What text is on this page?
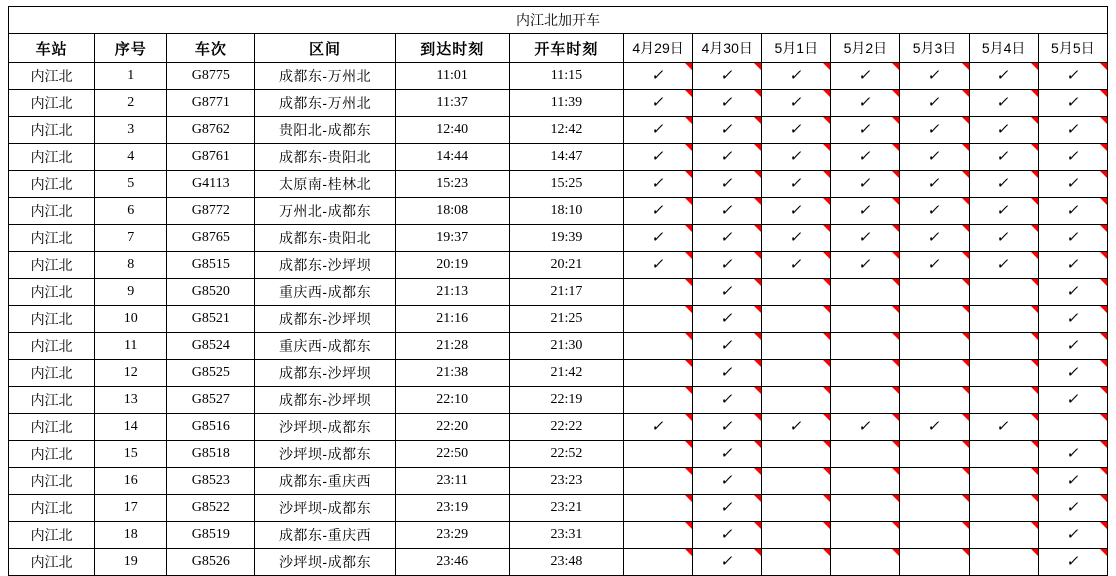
内江北加开车												
车站	序号	车次	区间	到达时刻	开车时刻	4月29日	4月30日	5月1日	5月2日	5月3日	5月4日	5月5日
内江北	1	G8775	成都东-万州北	11:01	11:15	✓	✓	✓	✓	✓	✓	✓
内江北	2	G8771	成都东-万州北	11:37	11:39	✓	✓	✓	✓	✓	✓	✓
内江北	3	G8762	贵阳北-成都东	12:40	12:42	✓	✓	✓	✓	✓	✓	✓
内江北	4	G8761	成都东-贵阳北	14:44	14:47	✓	✓	✓	✓	✓	✓	✓
内江北	5	G4113	太原南-桂林北	15:23	15:25	✓	✓	✓	✓	✓	✓	✓
内江北	6	G8772	万州北-成都东	18:08	18:10	✓	✓	✓	✓	✓	✓	✓
内江北	7	G8765	成都东-贵阳北	19:37	19:39	✓	✓	✓	✓	✓	✓	✓
内江北	8	G8515	成都东-沙坪坝	20:19	20:21	✓	✓	✓	✓	✓	✓	✓
内江北	9	G8520	重庆西-成都东	21:13	21:17		✓					✓
内江北	10	G8521	成都东-沙坪坝	21:16	21:25		✓					✓
内江北	11	G8524	重庆西-成都东	21:28	21:30		✓					✓
内江北	12	G8525	成都东-沙坪坝	21:38	21:42		✓					✓
内江北	13	G8527	成都东-沙坪坝	22:10	22:19		✓					✓
内江北	14	G8516	沙坪坝-成都东	22:20	22:22	✓	✓	✓	✓	✓	✓	

内江北	15	G8518	沙坪坝-成都东	22:50	22:52		✓					✓
内江北	16	G8523	成都东-重庆西	23:11	23:23		✓					✓
内江北	17	G8522	沙坪坝-成都东	23:19	23:21		✓					✓
内江北	18	G8519	成都东-重庆西	23:29	23:31		✓					✓
内江北	19	G8526	沙坪坝-成都东	23:46	23:48		✓					✓
